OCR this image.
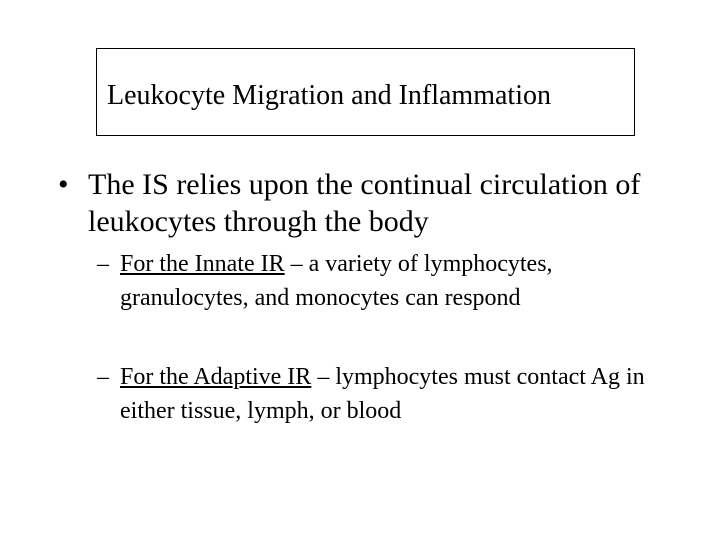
Leukocyte Migration and Inflammation
• The IS relies upon the continual circulation of leukocytes through the body
– For the Innate IR – a variety of lymphocytes, granulocytes, and monocytes can respond
– For the Adaptive IR – lymphocytes must contact Ag in either tissue, lymph, or blood
